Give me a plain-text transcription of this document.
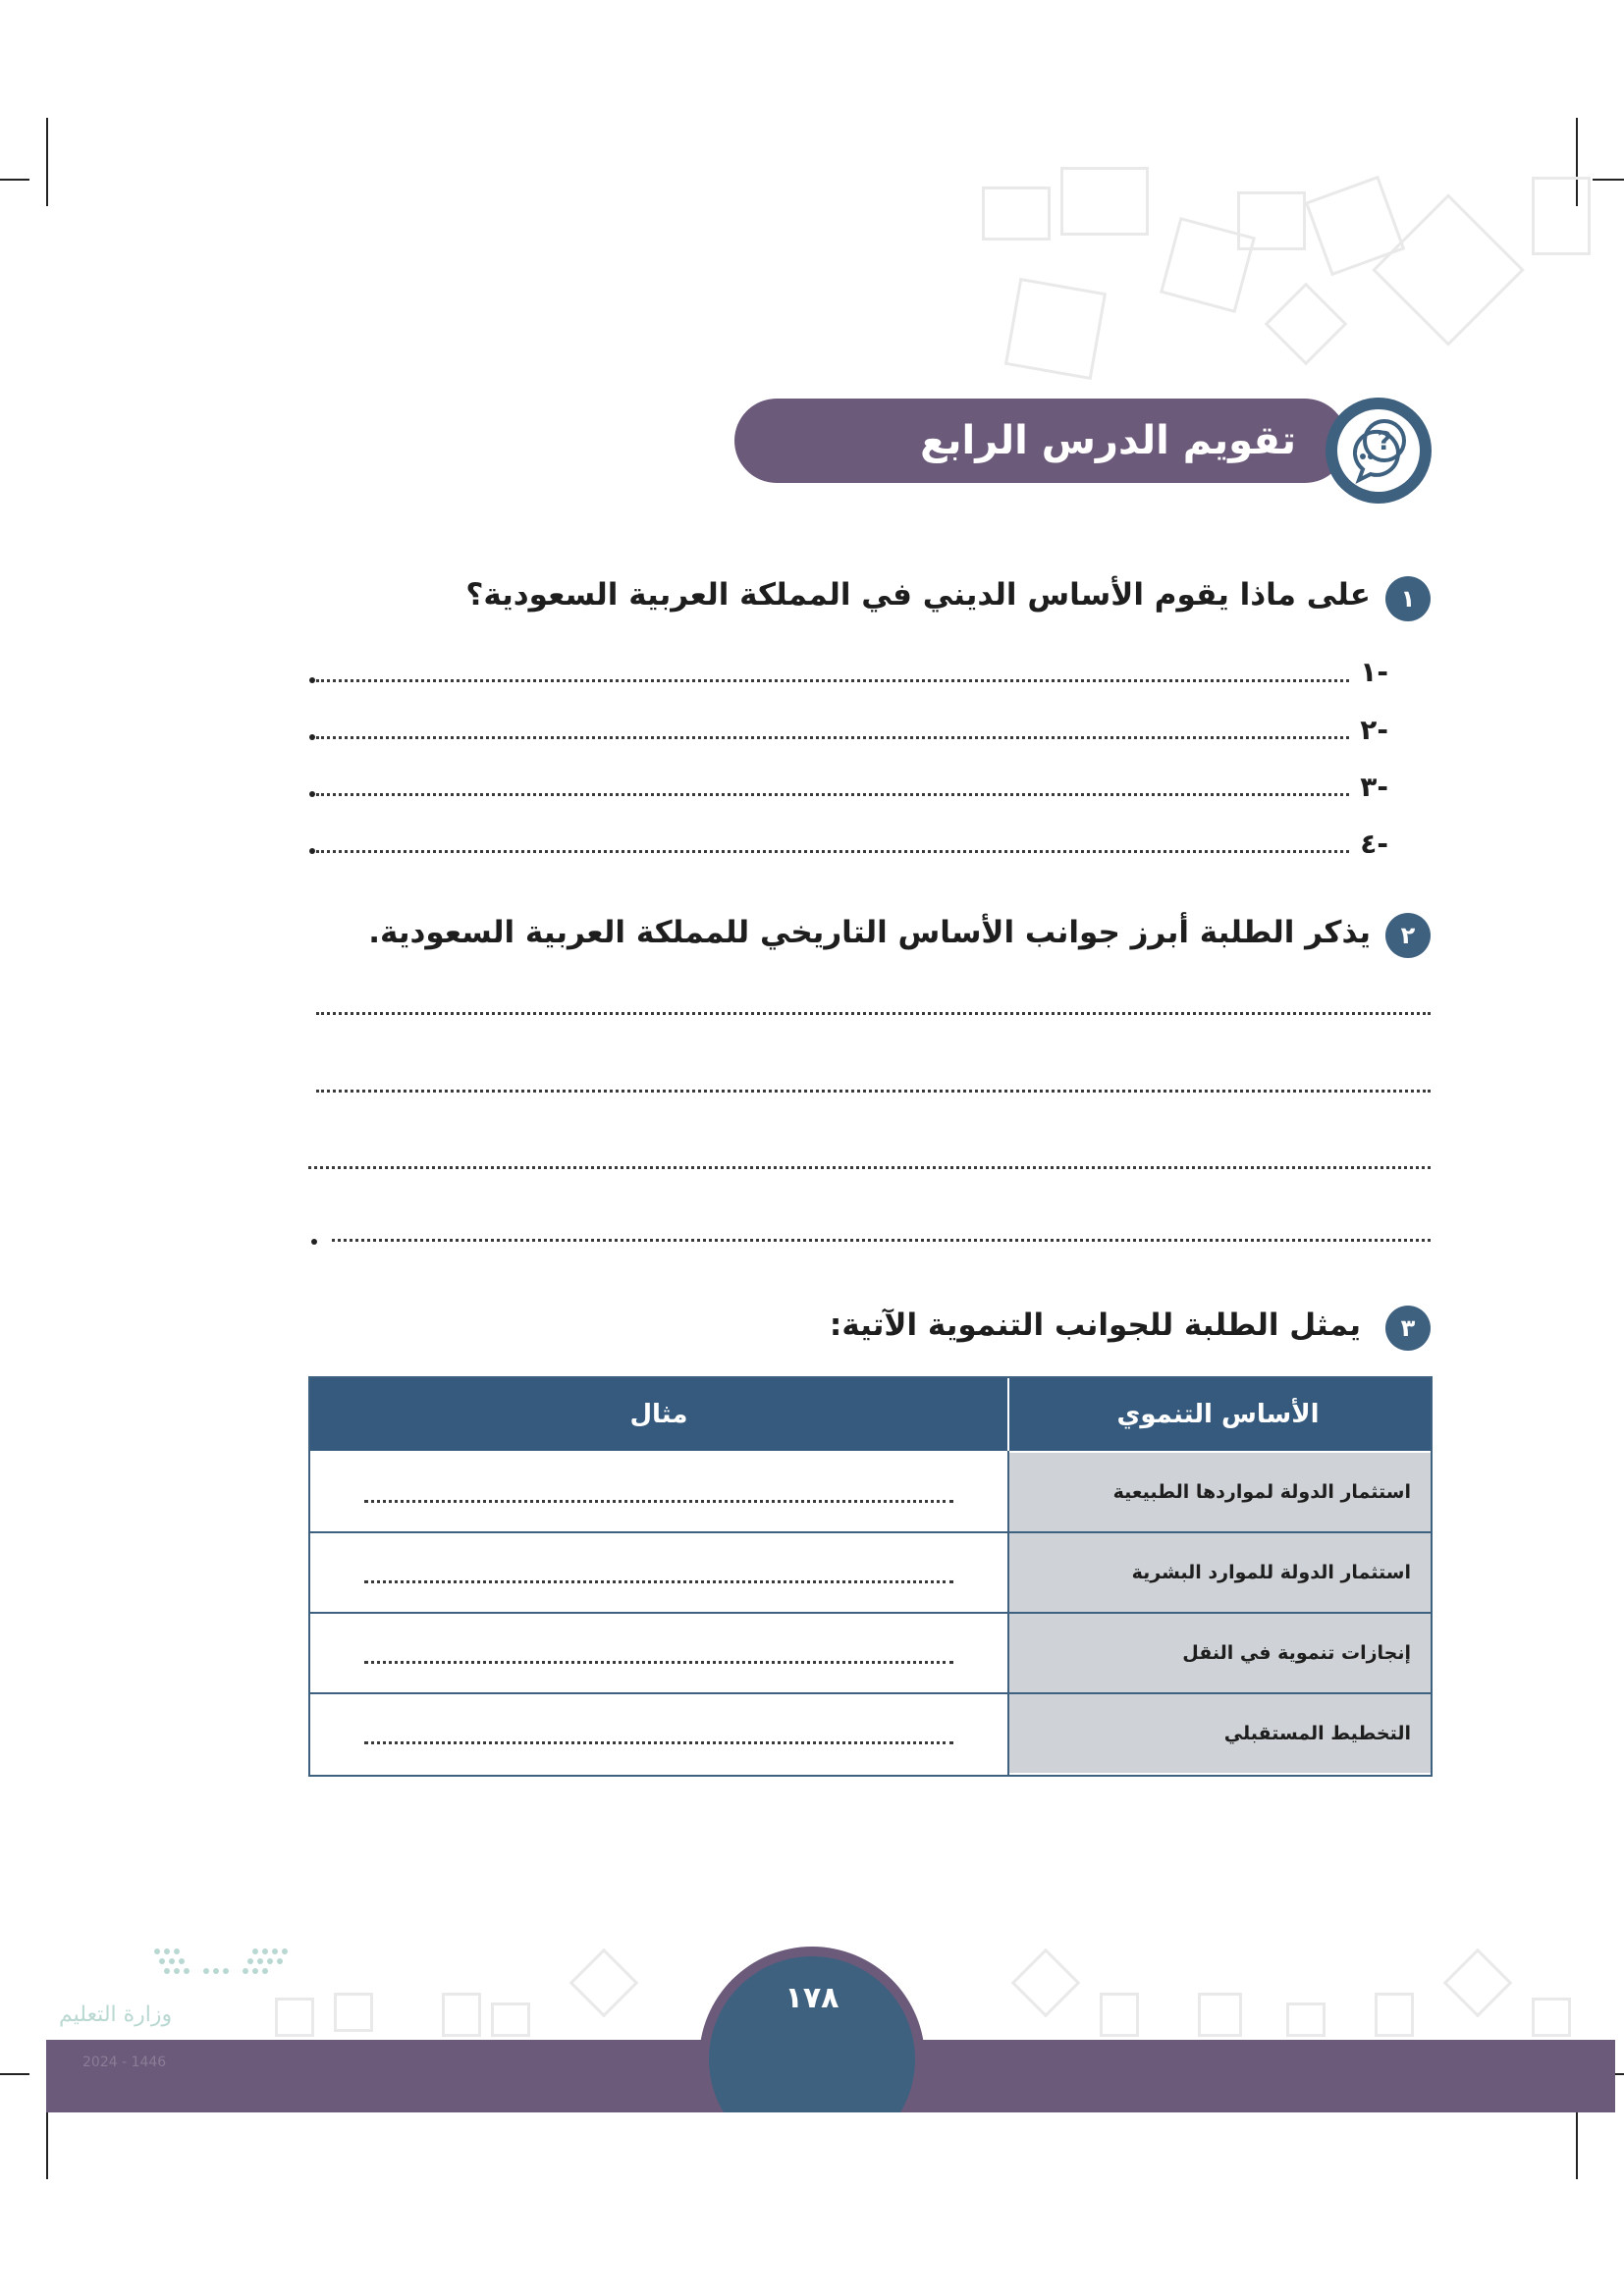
تقويم الدرس الرابع والعشرين
?
١
على ماذا يقوم الأساس الديني في المملكة العربية السعودية؟
-١
-٢
-٣
-٤
٢
يذكر الطلبة أبرز جوانب الأساس التاريخي للمملكة العربية السعودية.
٣
يمثل الطلبة للجوانب التنموية الآتية:
مثال	الأساس التنموي
استثمار الدولة لمواردها الطبيعية
استثمار الدولة للموارد البشرية
إنجازات تنموية في النقل
التخطيط المستقبلي
١٧٨
وزارة التعليم
2024 - 1446
